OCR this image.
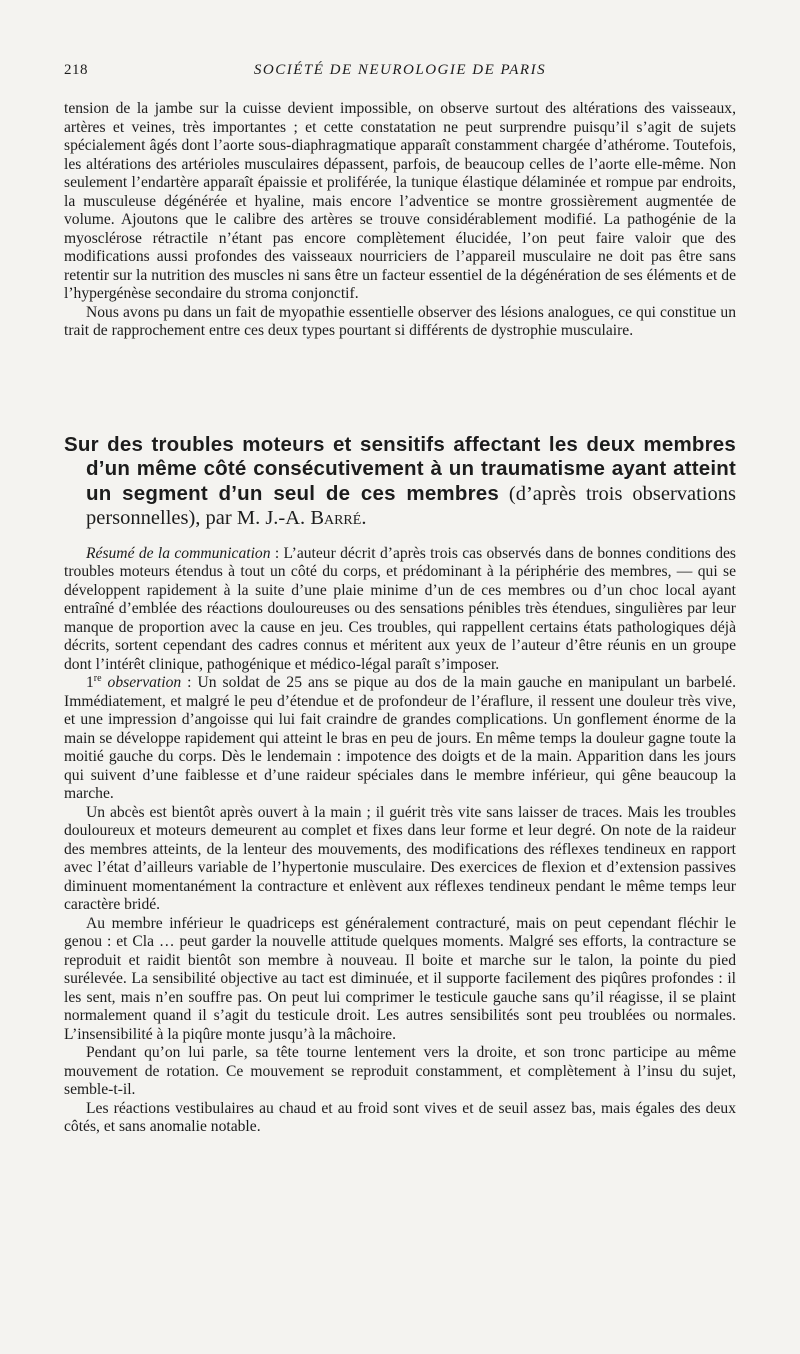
218	SOCIÉTÉ DE NEUROLOGIE DE PARIS

tension de la jambe sur la cuisse devient impossible, on observe surtout des altérations des vaisseaux, artères et veines, très importantes ; et cette constatation ne peut surprendre puisqu’il s’agit de sujets spécialement âgés dont l’aorte sous-diaphragmatique apparaît constamment chargée d’athérome. Toutefois, les altérations des artérioles musculaires dépassent, parfois, de beaucoup celles de l’aorte elle-même. Non seulement l’endartère apparaît épaissie et proliférée, la tunique élastique délaminée et rompue par endroits, la musculeuse dégénérée et hyaline, mais encore l’adventice se montre grossièrement augmentée de volume. Ajoutons que le calibre des artères se trouve considérablement modifié. La pathogénie de la myosclérose rétractile n’étant pas encore complètement élucidée, l’on peut faire valoir que des modifications aussi profondes des vaisseaux nourriciers de l’appareil musculaire ne doit pas être sans retentir sur la nutrition des muscles ni sans être un facteur essentiel de la dégénération de ses éléments et de l’hypergénèse secondaire du stroma conjonctif.

Nous avons pu dans un fait de myopathie essentielle observer des lésions analogues, ce qui constitue un trait de rapprochement entre ces deux types pourtant si différents de dystrophie musculaire.

Sur des troubles moteurs et sensitifs affectant les deux membres d’un même côté consécutivement à un traumatisme ayant atteint un segment d’un seul de ces membres (d’après trois observations personnelles), par M. J.-A. Barré.

Résumé de la communication : L’auteur décrit d’après trois cas observés dans de bonnes conditions des troubles moteurs étendus à tout un côté du corps, et prédominant à la périphérie des membres, — qui se développent rapidement à la suite d’une plaie minime d’un de ces membres ou d’un choc local ayant entraîné d’emblée des réactions douloureuses ou des sensations pénibles très étendues, singulières par leur manque de proportion avec la cause en jeu. Ces troubles, qui rappellent certains états pathologiques déjà décrits, sortent cependant des cadres connus et méritent aux yeux de l’auteur d’être réunis en un groupe dont l’intérêt clinique, pathogénique et médico-légal paraît s’imposer.

1re observation : Un soldat de 25 ans se pique au dos de la main gauche en manipulant un barbelé. Immédiatement, et malgré le peu d’étendue et de profondeur de l’éraflure, il ressent une douleur très vive, et une impression d’angoisse qui lui fait craindre de grandes complications. Un gonflement énorme de la main se développe rapidement qui atteint le bras en peu de jours. En même temps la douleur gagne toute la moitié gauche du corps. Dès le lendemain : impotence des doigts et de la main. Apparition dans les jours qui suivent d’une faiblesse et d’une raideur spéciales dans le membre inférieur, qui gêne beaucoup la marche.

Un abcès est bientôt après ouvert à la main ; il guérit très vite sans laisser de traces. Mais les troubles douloureux et moteurs demeurent au complet et fixes dans leur forme et leur degré. On note de la raideur des membres atteints, de la lenteur des mouvements, des modifications des réflexes tendineux en rapport avec l’état d’ailleurs variable de l’hypertonie musculaire. Des exercices de flexion et d’extension passives diminuent momentanément la contracture et enlèvent aux réflexes tendineux pendant le même temps leur caractère bridé.

Au membre inférieur le quadriceps est généralement contracturé, mais on peut cependant fléchir le genou : et Cla … peut garder la nouvelle attitude quelques moments. Malgré ses efforts, la contracture se reproduit et raidit bientôt son membre à nouveau. Il boite et marche sur le talon, la pointe du pied surélevée. La sensibilité objective au tact est diminuée, et il supporte facilement des piqûres profondes : il les sent, mais n’en souffre pas. On peut lui comprimer le testicule gauche sans qu’il réagisse, il se plaint normalement quand il s’agit du testicule droit. Les autres sensibilités sont peu troublées ou normales. L’insensibilité à la piqûre monte jusqu’à la mâchoire.

Pendant qu’on lui parle, sa tête tourne lentement vers la droite, et son tronc participe au même mouvement de rotation. Ce mouvement se reproduit constamment, et complètement à l’insu du sujet, semble-t-il.

Les réactions vestibulaires au chaud et au froid sont vives et de seuil assez bas, mais égales des deux côtés, et sans anomalie notable.
